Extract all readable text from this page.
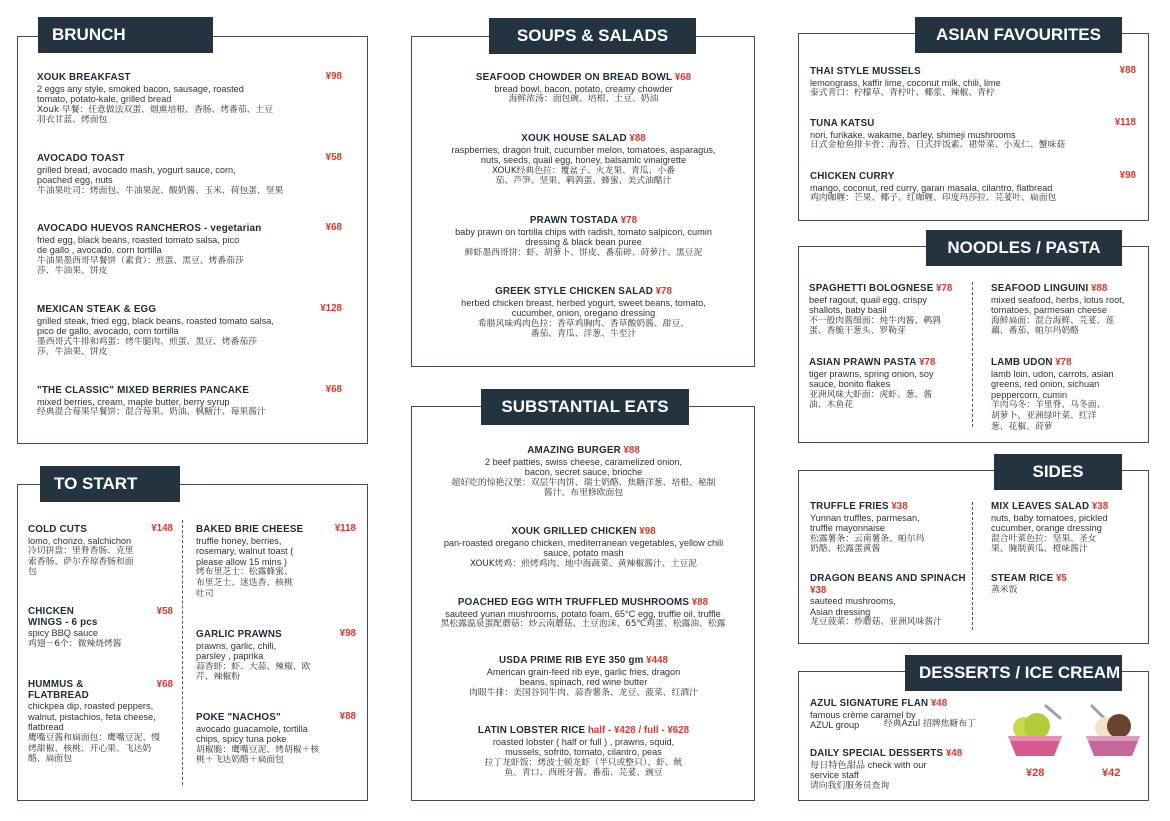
BRUNCH
XOUK BREAKFAST	¥98
2 eggs any style, smoked bacon, sausage, roasted tomato, potato-kale, grilled bread
Xouk 早餐：任意做法双蛋、烟熏培根、香肠、烤番茄、土豆羽衣甘蓝、烤面包
AVOCADO TOAST	¥58
grilled bread, avocado mash, yogurt sauce, corn, poached egg, nuts
牛油果吐司：烤面包、牛油果泥、酸奶酱、玉米、荷包蛋、坚果
AVOCADO HUEVOS RANCHEROS - vegetarian	¥68
fried egg, black beans, roasted tomato salsa, pico de gallo , avocado, corn tortilla
牛油果墨西哥早餐饼（素食）：煎蛋、黑豆、烤番茄莎莎、牛油果、饼皮
MEXICAN STEAK & EGG	¥128
grilled steak, fried egg, black beans, roasted tomato salsa, pico de gallo, avocado, corn tortilla
墨西哥式牛排和鸡蛋：烤牛腿肉、煎蛋、黑豆、烤番茄莎莎、牛油果、饼皮
"THE CLASSIC" MIXED BERRIES PANCAKE	¥68
mixed berries, cream, maple butter, berry syrup
经典混合莓果早餐饼：混合莓果、奶油、枫糖汁、莓果酱汁
TO START
COLD CUTS	¥148
lomo, chorizo, salchichon
冷切拼盘：里脊香肠、克里索香肠、萨尔乔琼香肠和面包
CHICKEN WINGS - 6 pcs
¥58
spicy BBQ sauce
鸡翅－6个：微辣烧烤酱
HUMMUS & FLATBREAD
¥68
chickpea dip, roasted peppers, walnut, pistachios, feta cheese, flatbread
鹰嘴豆酱和扁面包：鹰嘴豆泥、慢烤甜椒、核桃、开心果、飞达奶酪、扁面包
BAKED BRIE CHEESE	¥118
truffle honey, berries, rosemary, walnut toast ( please allow 15 mins )
烤布里芝士：松露蜂蜜、布里芝士、迷迭香、核桃吐司
GARLIC PRAWNS	¥98
prawns, garlic, chili, parsley , paprika
蒜香虾：虾、大蒜、辣椒、欧芹、辣椒粉
POKE "NACHOS"	¥88
avocado guacamole, tortilla chips, spicy tuna poke
胡椒脆：鹰嘴豆泥、烤胡椒＋核桃＋飞达奶酪＋扁面包
SOUPS & SALADS
SEAFOOD CHOWDER ON BREAD BOWL ¥68
bread bowl, bacon, potato, creamy chowder
海鲜浓汤：面包碗、培根、土豆、奶油
XOUK HOUSE SALAD ¥88
raspberries, dragon fruit, cucumber melon, tomatoes, asparagus, nuts, seeds, quail egg, honey, balsamic vinaigrette
XOUK经典色拉：覆盆子、火龙果、青瓜、小番茄、芦笋、坚果、鹌鹑蛋、蜂蜜、美式油醋汁
PRAWN TOSTADA ¥78
baby prawn on tortilla chips with radish, tomato salpicon, cumin dressing & black bean puree
鲜虾墨西哥饼：虾、胡萝卜、饼皮、番茄碎、莳萝汁、黑豆泥
GREEK STYLE CHICKEN SALAD ¥78
herbed chicken breast, herbed yogurt, sweet beans, tomato, cucumber, onion, oregano dressing
希腊风味鸡肉色拉：香草鸡胸肉、香草酸奶酱、甜豆、番茄、青瓜、洋葱、牛至汁
SUBSTANTIAL EATS
AMAZING BURGER ¥88
2 beef patties, swiss cheese, caramelized onion, bacon, secret sauce, brioche
超好吃的惊艳汉堡：双层牛肉饼、瑞士奶酪、焦糖洋葱、培根、秘制酱汁、布里修欧面包
XOUK GRILLED CHICKEN ¥98
pan-roasted oregano chicken, mediterranean vegetables, yellow chili sauce, potato mash
XOUK烤鸡：煎烤鸡肉、地中海蔬菜、黄辣椒酱汁、土豆泥
POACHED EGG WITH TRUFFLED MUSHROOMS ¥88
sauteed yunan mushrooms, potato foam, 65°C egg, truffle oil, truffle
黑松露温泉蛋配蘑菇：炒云南蘑菇、土豆泡沫、65℃鸡蛋、松露油、松露
USDA PRIME RIB EYE 350 gm ¥448
American grain-feed rib eye, garlic fries, dragon beans, spinach, red wine butter
肉眼牛排：美国谷饲牛肉、蒜香薯条、龙豆、菠菜、红酒汁
LATIN LOBSTER RICE half - ¥428 / full - ¥628
roasted lobster ( half or full ) , prawns, squid, mussels, sofrito, tomato, cilantro, peas
拉丁龙虾饭：烤波士顿龙虾（半只或整只）、虾、鱿鱼、青口、西班牙酱、番茄、芫荽、豌豆
ASIAN FAVOURITES
THAI STYLE MUSSELS	¥88
lemongrass, kaffir lime, coconut milk, chili, lime
泰式青口：柠檬草、青柠叶、椰浆、辣椒、青柠
TUNA KATSU	¥118
nori, furikake, wakame, barley, shimeji mushrooms
日式金枪鱼排卡骨：海苔、日式拌饭素、裙带菜、小麦仁、蟹味菇
CHICKEN CURRY	¥98
mango, coconut, red curry, garan masala, cilantro, flatbread
鸡肉咖喱：芒果、椰子、红咖喱、印度玛莎拉、芫荽叶、扁面包
NOODLES / PASTA
SPAGHETTI BOLOGNESE ¥78
beef ragout, quail egg, crispy shallots, baby basil
不一般肉酱细面：炖牛肉酱、鹌鹑蛋、香脆干葱头、罗勒芽
ASIAN PRAWN PASTA ¥78
tiger prawns, spring onion, soy sauce, bonito flakes
亚洲风味大虾面：虎虾、葱、酱油、木鱼花
SEAFOOD LINGUINI ¥88
mixed seafood, herbs, lotus root, tomatoes, parmesan cheese
海鲜扁面：混合海鲜、芫荽、莲藕、番茄、帕尔玛奶酪
LAMB UDON ¥78
lamb loin, udon, carrots, asian greens, red onion, sichuan peppercorn, cumin
羊肉乌冬：羊里脊、乌冬面、胡萝卜、亚洲绿叶菜、红洋葱、花椒、莳萝
SIDES
TRUFFLE FRIES ¥38
Yunnan truffles, parmesan, truffle mayonnaise
松露薯条：云南薯条、帕尔玛奶酪、松露蛋黄酱
DRAGON BEANS AND SPINACH ¥38
sauteed mushrooms, Asian dressing
龙豆菠菜：炒蘑菇、亚洲风味酱汁
MIX LEAVES SALAD ¥38
nuts, baby tomatoes, pickled cucumber, orange dressing
混合叶菜色拉：坚果、圣女果、腌制黄瓜、橙味酱汁
STEAM RICE ¥5
蒸米饭
DESSERTS / ICE CREAM
AZUL SIGNATURE FLAN ¥48
famous crème caramel by AZUL group	经典Azul 招牌焦糖布丁
DAILY SPECIAL DESSERTS ¥48
每日特色甜品 check with our service staff
请向我们服务员查询
¥28	¥42
